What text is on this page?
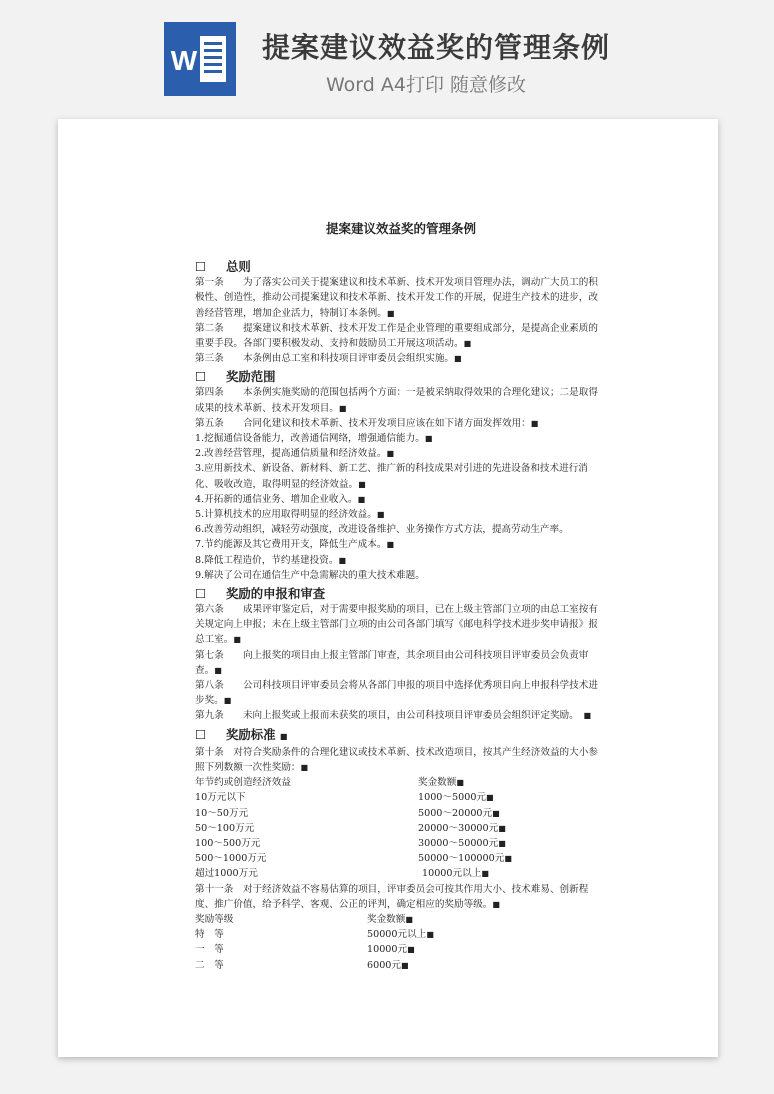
W 提案建议效益奖的管理条例
Word A4打印 随意修改

提案建议效益奖的管理条例
☐ 总则

第一条　　为了落实公司关于提案建议和技术革新、技术开发项目管理办法，调动广大员工的积极性、创造性，推动公司提案建议和技术革新、技术开发工作的开展，促进生产技术的进步，改善经营管理，增加企业活力，特制订本条例。■

第二条　　提案建议和技术革新、技术开发工作是企业管理的重要组成部分，是提高企业素质的重要手段。各部门要积极发动、支持和鼓励员工开展这项活动。■

第三条　　本条例由总工室和科技项目评审委员会组织实施。■

☐ 奖励范围

第四条　　本条例实施奖励的范围包括两个方面：一是被采纳取得效果的合理化建议；二是取得成果的技术革新、技术开发项目。■

第五条　　合同化建议和技术革新、技术开发项目应该在如下诸方面发挥效用：■

1.挖掘通信设备能力，改善通信网络，增强通信能力。■

2.改善经营管理，提高通信质量和经济效益。■

3.应用新技术、新设备、新材料、新工艺、推广新的科技成果对引进的先进设备和技术进行消化、吸收改造，取得明显的经济效益。■

4.开拓新的通信业务、增加企业收入。■

5.计算机技术的应用取得明显的经济效益。■

6.改善劳动组织，减轻劳动强度，改进设备维护、业务操作方式方法，提高劳动生产率。

7.节约能源及其它费用开支，降低生产成本。■

8.降低工程造价，节约基建投资。■

9.解决了公司在通信生产中急需解决的重大技术难题。

☐ 奖励的申报和审查

第六条　　成果评审鉴定后，对于需要申报奖励的项目，已在上级主管部门立项的由总工室按有关规定向上申报；未在上级主管部门立项的由公司各部门填写《邮电科学技术进步奖申请报》报总工室。■

第七条　　向上报奖的项目由上报主管部门审查，其余项目由公司科技项目评审委员会负责审查。■

第八条　　公司科技项目评审委员会将从各部门申报的项目中选择优秀项目向上申报科学技术进步奖。■

第九条　　未向上报奖或上报而未获奖的项目，由公司科技项目评审委员会组织评定奖励。　 ■

☐ 奖励标准 ■

第十条　对符合奖励条件的合理化建议或技术革新、技术改造项目，按其产生经济效益的大小参照下列数额一次性奖励：■

年节约或创造经济效益	奖金数额■
10万元以下	1000～5000元■
10～50万元	5000～20000元■
50～100万元	20000～30000元■
100～500万元	30000～50000元■
500～1000万元	50000～100000元■
超过1000万元	10000元以上■

第十一条　对于经济效益不容易估算的项目，评审委员会可按其作用大小、技术难易、创新程度、推广价值，给予科学、客观、公正的评判，确定相应的奖励等级。■

奖励等级	奖金数额■
特　等	50000元以上■
一　等	10000元■
二　等	6000元■
